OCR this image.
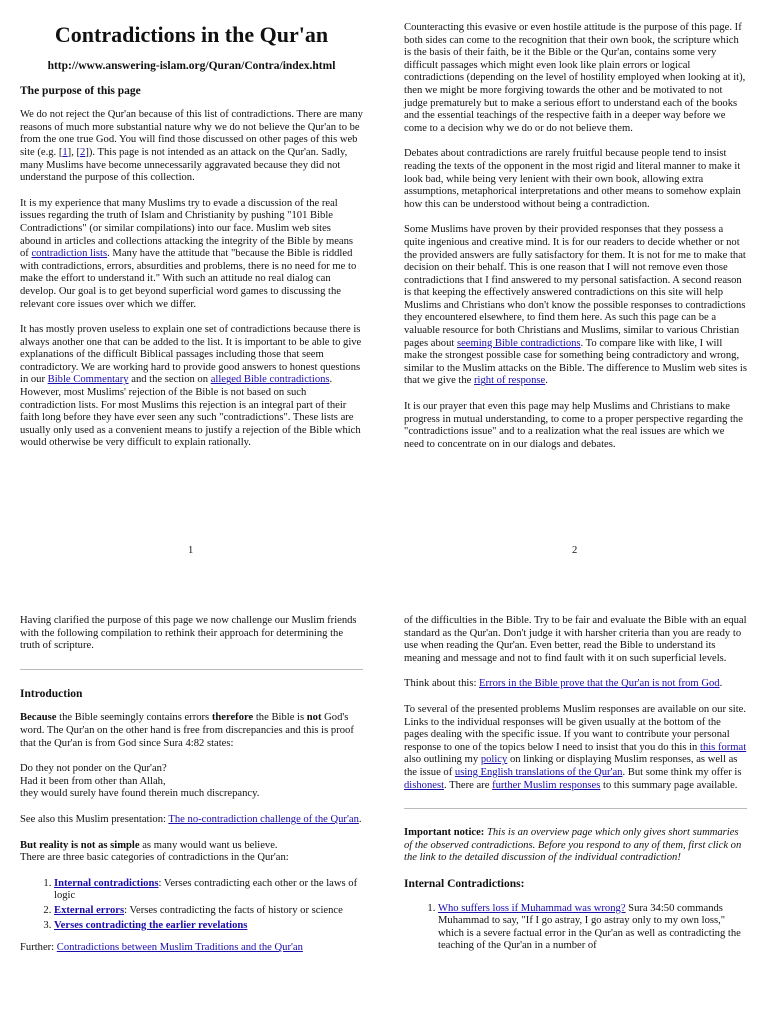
Contradictions in the Qur'an
http://www.answering-islam.org/Quran/Contra/index.html
The purpose of this page

We do not reject the Qur'an because of this list of contradictions. There are many reasons of much more substantial nature why we do not believe the Qur'an to be from the one true God. You will find those discussed on other pages of this web site (e.g. [1], [2]). This page is not intended as an attack on the Qur'an. Sadly, many Muslims have become unnecessarily aggravated because they did not understand the purpose of this collection.

It is my experience that many Muslims try to evade a discussion of the real issues regarding the truth of Islam and Christianity by pushing "101 Bible Contradictions" (or similar compilations) into our face. Muslim web sites abound in articles and collections attacking the integrity of the Bible by means of contradiction lists. Many have the attitude that "because the Bible is riddled with contradictions, errors, absurdities and problems, there is no need for me to make the effort to understand it." With such an attitude no real dialog can develop. Our goal is to get beyond superficial word games to discussing the relevant core issues over which we differ.

It has mostly proven useless to explain one set of contradictions because there is always another one that can be added to the list. It is important to be able to give explanations of the difficult Biblical passages including those that seem contradictory. We are working hard to provide good answers to honest questions in our Bible Commentary and the section on alleged Bible contradictions. However, most Muslims' rejection of the Bible is not based on such contradiction lists. For most Muslims this rejection is an integral part of their faith long before they have ever seen any such "contradictions". These lists are usually only used as a convenient means to justify a rejection of the Bible which would otherwise be very difficult to explain rationally.

1

Counteracting this evasive or even hostile attitude is the purpose of this page. If both sides can come to the recognition that their own book, the scripture which is the basis of their faith, be it the Bible or the Qur'an, contains some very difficult passages which might even look like plain errors or logical contradictions (depending on the level of hostility employed when looking at it), then we might be more forgiving towards the other and be motivated to not judge prematurely but to make a serious effort to understand each of the books and the essential teachings of the respective faith in a deeper way before we come to a decision why we do or do not believe them.

Debates about contradictions are rarely fruitful because people tend to insist reading the texts of the opponent in the most rigid and literal manner to make it look bad, while being very lenient with their own book, allowing extra assumptions, metaphorical interpretations and other means to somehow explain how this can be understood without being a contradiction.

Some Muslims have proven by their provided responses that they possess a quite ingenious and creative mind. It is for our readers to decide whether or not the provided answers are fully satisfactory for them. It is not for me to make that decision on their behalf. This is one reason that I will not remove even those contradictions that I find answered to my personal satisfaction. A second reason is that keeping the effectively answered contradictions on this site will help Muslims and Christians who don't know the possible responses to contradictions they encountered elsewhere, to find them here. As such this page can be a valuable resource for both Christians and Muslims, similar to various Christian pages about seeming Bible contradictions. To compare like with like, I will make the strongest possible case for something being contradictory and wrong, similar to the Muslim attacks on the Bible. The difference to Muslim web sites is that we give the right of response.

It is our prayer that even this page may help Muslims and Christians to make progress in mutual understanding, to come to a proper perspective regarding the "contradictions issue" and to a realization what the real issues are which we need to concentrate on in our dialogs and debates.

2

Having clarified the purpose of this page we now challenge our Muslim friends with the following compilation to rethink their approach for determining the truth of scripture.

Introduction

Because the Bible seemingly contains errors therefore the Bible is not God's word. The Qur'an on the other hand is free from discrepancies and this is proof that the Qur'an is from God since Sura 4:82 states:

Do they not ponder on the Qur'an?
Had it been from other than Allah,
they would surely have found therein much discrepancy.

See also this Muslim presentation: The no-contradiction challenge of the Qur'an.

But reality is not as simple as many would want us believe.
There are three basic categories of contradictions in the Qur'an:

1. Internal contradictions: Verses contradicting each other or the laws of logic
2. External errors: Verses contradicting the facts of history or science
3. Verses contradicting the earlier revelations

Further: Contradictions between Muslim Traditions and the Qur'an

of the difficulties in the Bible. Try to be fair and evaluate the Bible with an equal standard as the Qur'an. Don't judge it with harsher criteria than you are ready to use when reading the Qur'an. Even better, read the Bible to understand its meaning and message and not to find fault with it on such superficial levels.

Think about this: Errors in the Bible prove that the Qur'an is not from God.

To several of the presented problems Muslim responses are available on our site. Links to the individual responses will be given usually at the bottom of the pages dealing with the specific issue. If you want to contribute your personal response to one of the topics below I need to insist that you do this in this format also outlining my policy on linking or displaying Muslim responses, as well as the issue of using English translations of the Qur'an. But some think my offer is dishonest. There are further Muslim responses to this summary page available.

Important notice: This is an overview page which only gives short summaries of the observed contradictions. Before you respond to any of them, first click on the link to the detailed discussion of the individual contradiction!

Internal Contradictions:
1. Who suffers loss if Muhammad was wrong? Sura 34:50 commands Muhammad to say, "If I go astray, I go astray only to my own loss," which is a severe factual error in the Qur'an as well as contradicting the teaching of the Qur'an in a number of
